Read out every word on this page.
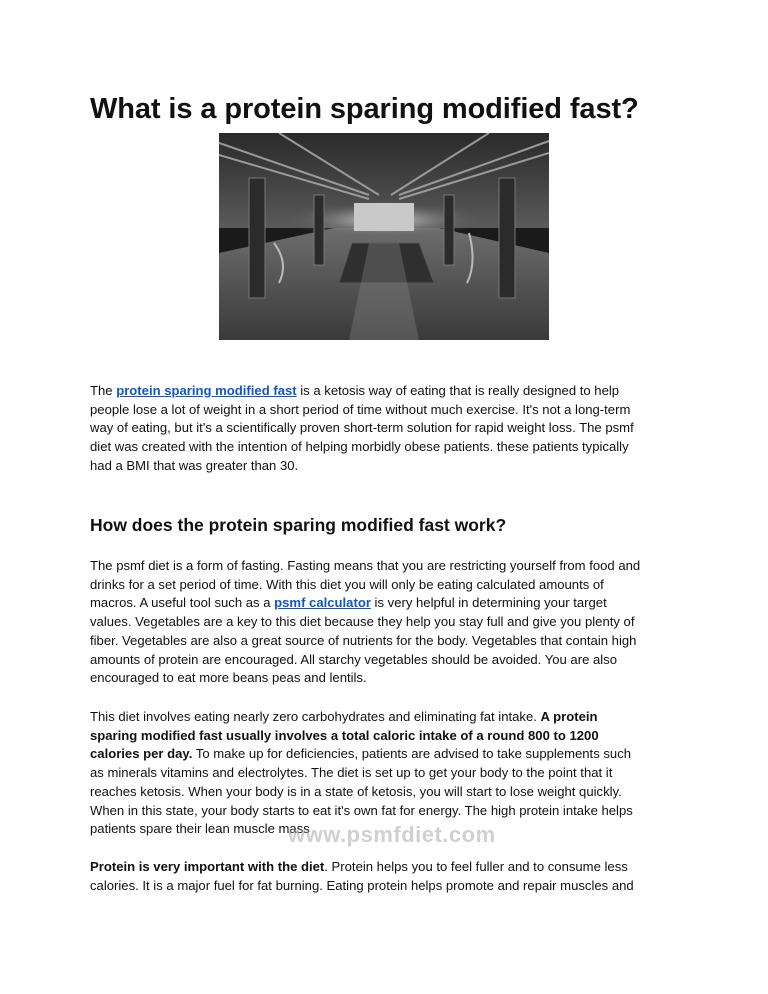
What is a protein sparing modified fast?

The protein sparing modified fast is a ketosis way of eating that is really designed to help
people lose a lot of weight in a short period of time without much exercise. It's not a long-term
way of eating, but it's a scientifically proven short-term solution for rapid weight loss. The psmf
diet was created with the intention of helping morbidly obese patients. these patients typically
had a BMI that was greater than 30.

How does the protein sparing modified fast work?

The psmf diet is a form of fasting. Fasting means that you are restricting yourself from food and
drinks for a set period of time. With this diet you will only be eating calculated amounts of
macros. A useful tool such as a psmf calculator is very helpful in determining your target
values. Vegetables are a key to this diet because they help you stay full and give you plenty of
fiber. Vegetables are also a great source of nutrients for the body. Vegetables that contain high
amounts of protein are encouraged. All starchy vegetables should be avoided. You are also
encouraged to eat more beans peas and lentils.

This diet involves eating nearly zero carbohydrates and eliminating fat intake. A protein
sparing modified fast usually involves a total caloric intake of a round 800 to 1200
calories per day. To make up for deficiencies, patients are advised to take supplements such
as minerals vitamins and electrolytes. The diet is set up to get your body to the point that it
reaches ketosis. When your body is in a state of ketosis, you will start to lose weight quickly.
When in this state, your body starts to eat it's own fat for energy. The high protein intake helps
patients spare their lean muscle mass

Protein is very important with the diet. Protein helps you to feel fuller and to consume less
calories. It is a major fuel for fat burning. Eating protein helps promote and repair muscles and

www.psmfdiet.com
